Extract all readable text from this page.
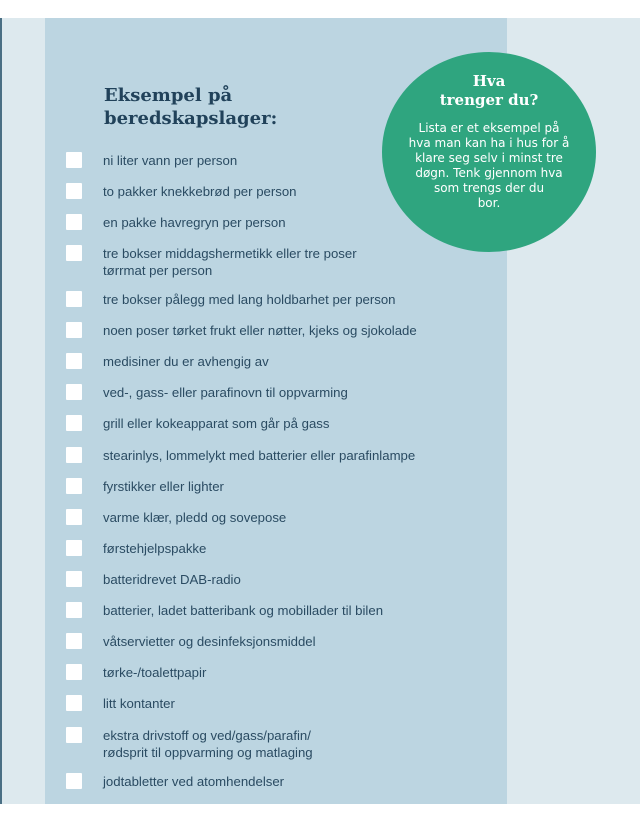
Eksempel på
beredskapslager:
ni liter vann per person
to pakker knekkebrød per person
en pakke havregryn per person
tre bokser middagshermetikk eller tre poser
tørrmat per person
tre bokser pålegg med lang holdbarhet per person
noen poser tørket frukt eller nøtter, kjeks og sjokolade
medisiner du er avhengig av
ved-, gass- eller parafinovn til oppvarming
grill eller kokeapparat som går på gass
stearinlys, lommelykt med batterier eller parafinlampe
fyrstikker eller lighter
varme klær, pledd og sovepose
førstehjelpspakke
batteridrevet DAB-radio
batterier, ladet batteribank og mobillader til bilen
våtservietter og desinfeksjonsmiddel
tørke-/toalettpapir
litt kontanter
ekstra drivstoff og ved/gass/parafin/
rødsprit til oppvarming og matlaging
jodtabletter ved atomhendelser

Hva
trenger du?

Lista er et eksempel på
hva man kan ha i hus for å
klare seg selv i minst tre
døgn. Tenk gjennom hva
som trengs der du
bor.
